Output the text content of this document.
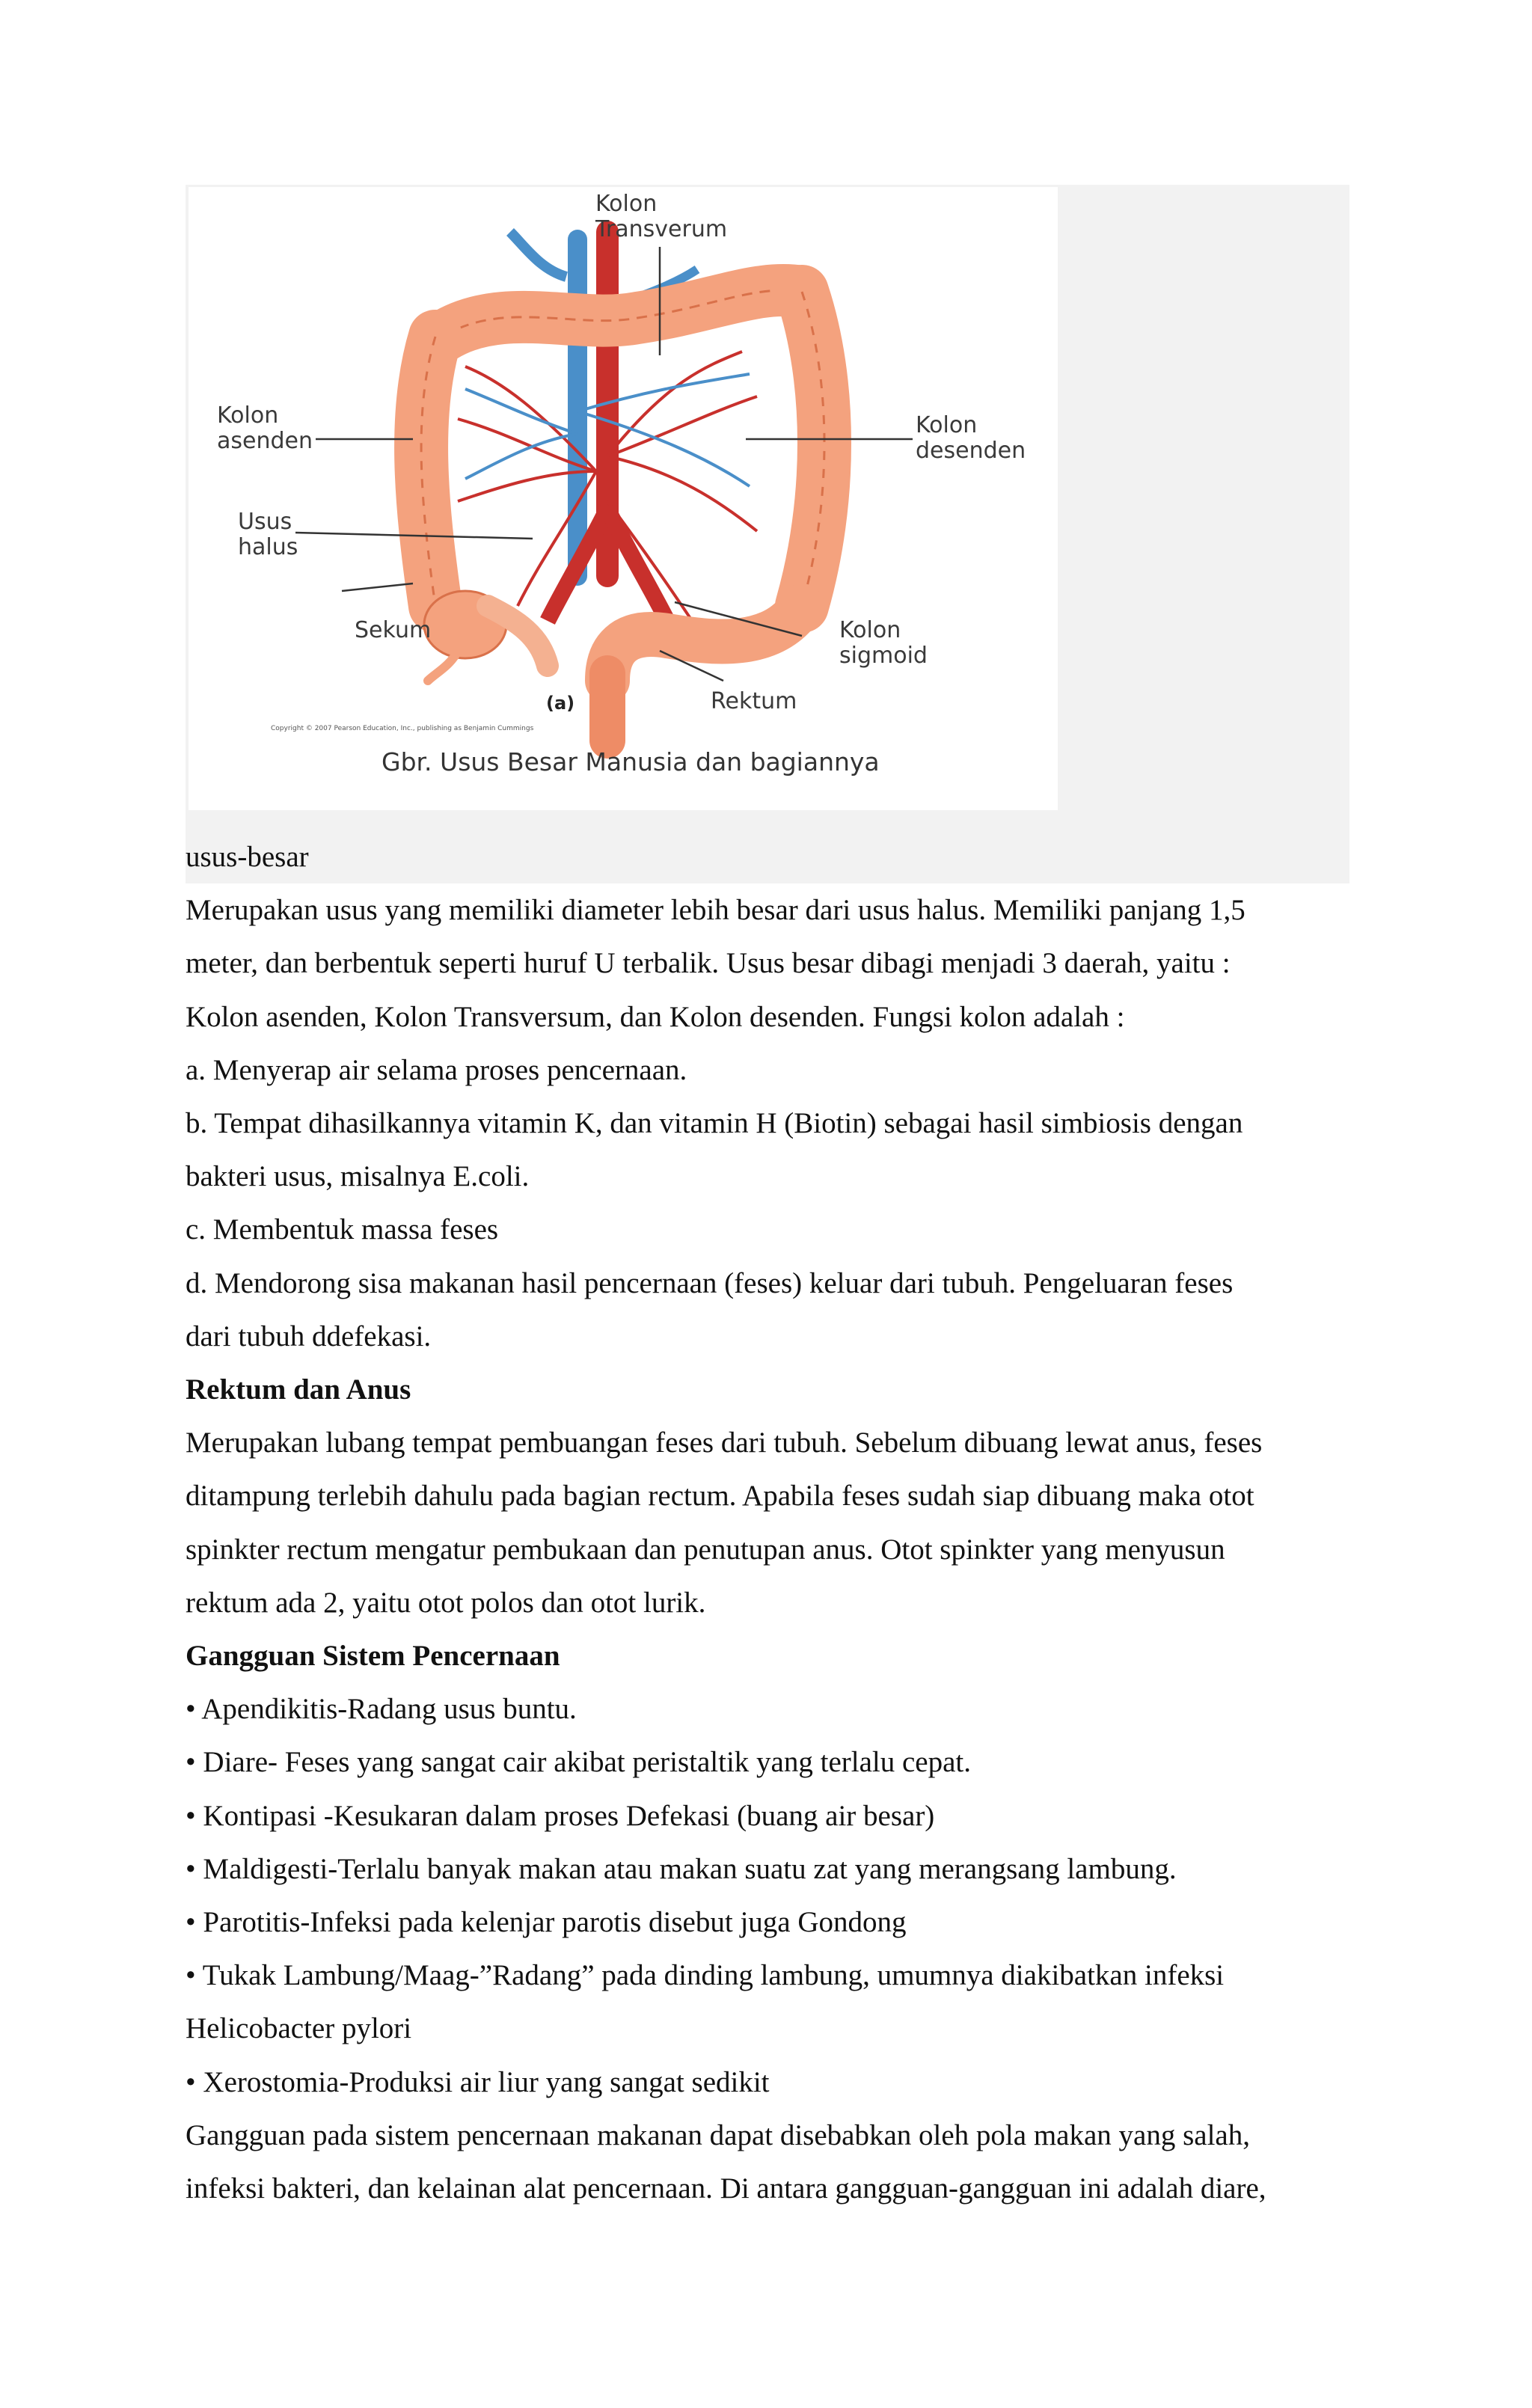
Kolon
Transverum
Kolon
asenden
Kolon
desenden
Usus
halus
Sekum	Kolon
sigmoid
Rektum
(a)
Copyright © 2007 Pearson Education, Inc., publishing as Benjamin Cummings
Gbr. Usus Besar Manusia dan bagiannya

usus-besar

Merupakan usus yang memiliki diameter lebih besar dari usus halus. Memiliki panjang 1,5

meter, dan berbentuk seperti huruf U terbalik. Usus besar dibagi menjadi 3 daerah, yaitu :

Kolon asenden, Kolon Transversum, dan Kolon desenden. Fungsi kolon adalah :

a. Menyerap air selama proses pencernaan.

b. Tempat dihasilkannya vitamin K, dan vitamin H (Biotin) sebagai hasil simbiosis dengan

bakteri usus, misalnya E.coli.

c. Membentuk massa feses

d. Mendorong sisa makanan hasil pencernaan (feses) keluar dari tubuh. Pengeluaran feses

dari tubuh ddefekasi.

Rektum dan Anus

Merupakan lubang tempat pembuangan feses dari tubuh. Sebelum dibuang lewat anus, feses

ditampung terlebih dahulu pada bagian rectum. Apabila feses sudah siap dibuang maka otot

spinkter rectum mengatur pembukaan dan penutupan anus. Otot spinkter yang menyusun

rektum ada 2, yaitu otot polos dan otot lurik.

Gangguan Sistem Pencernaan

• Apendikitis-Radang usus buntu.

• Diare- Feses yang sangat cair akibat peristaltik yang terlalu cepat.

• Kontipasi -Kesukaran dalam proses Defekasi (buang air besar)

• Maldigesti-Terlalu banyak makan atau makan suatu zat yang merangsang lambung.

• Parotitis-Infeksi pada kelenjar parotis disebut juga Gondong

• Tukak Lambung/Maag-”Radang” pada dinding lambung, umumnya diakibatkan infeksi

Helicobacter pylori

• Xerostomia-Produksi air liur yang sangat sedikit

Gangguan pada sistem pencernaan makanan dapat disebabkan oleh pola makan yang salah,

infeksi bakteri, dan kelainan alat pencernaan. Di antara gangguan-gangguan ini adalah diare,
